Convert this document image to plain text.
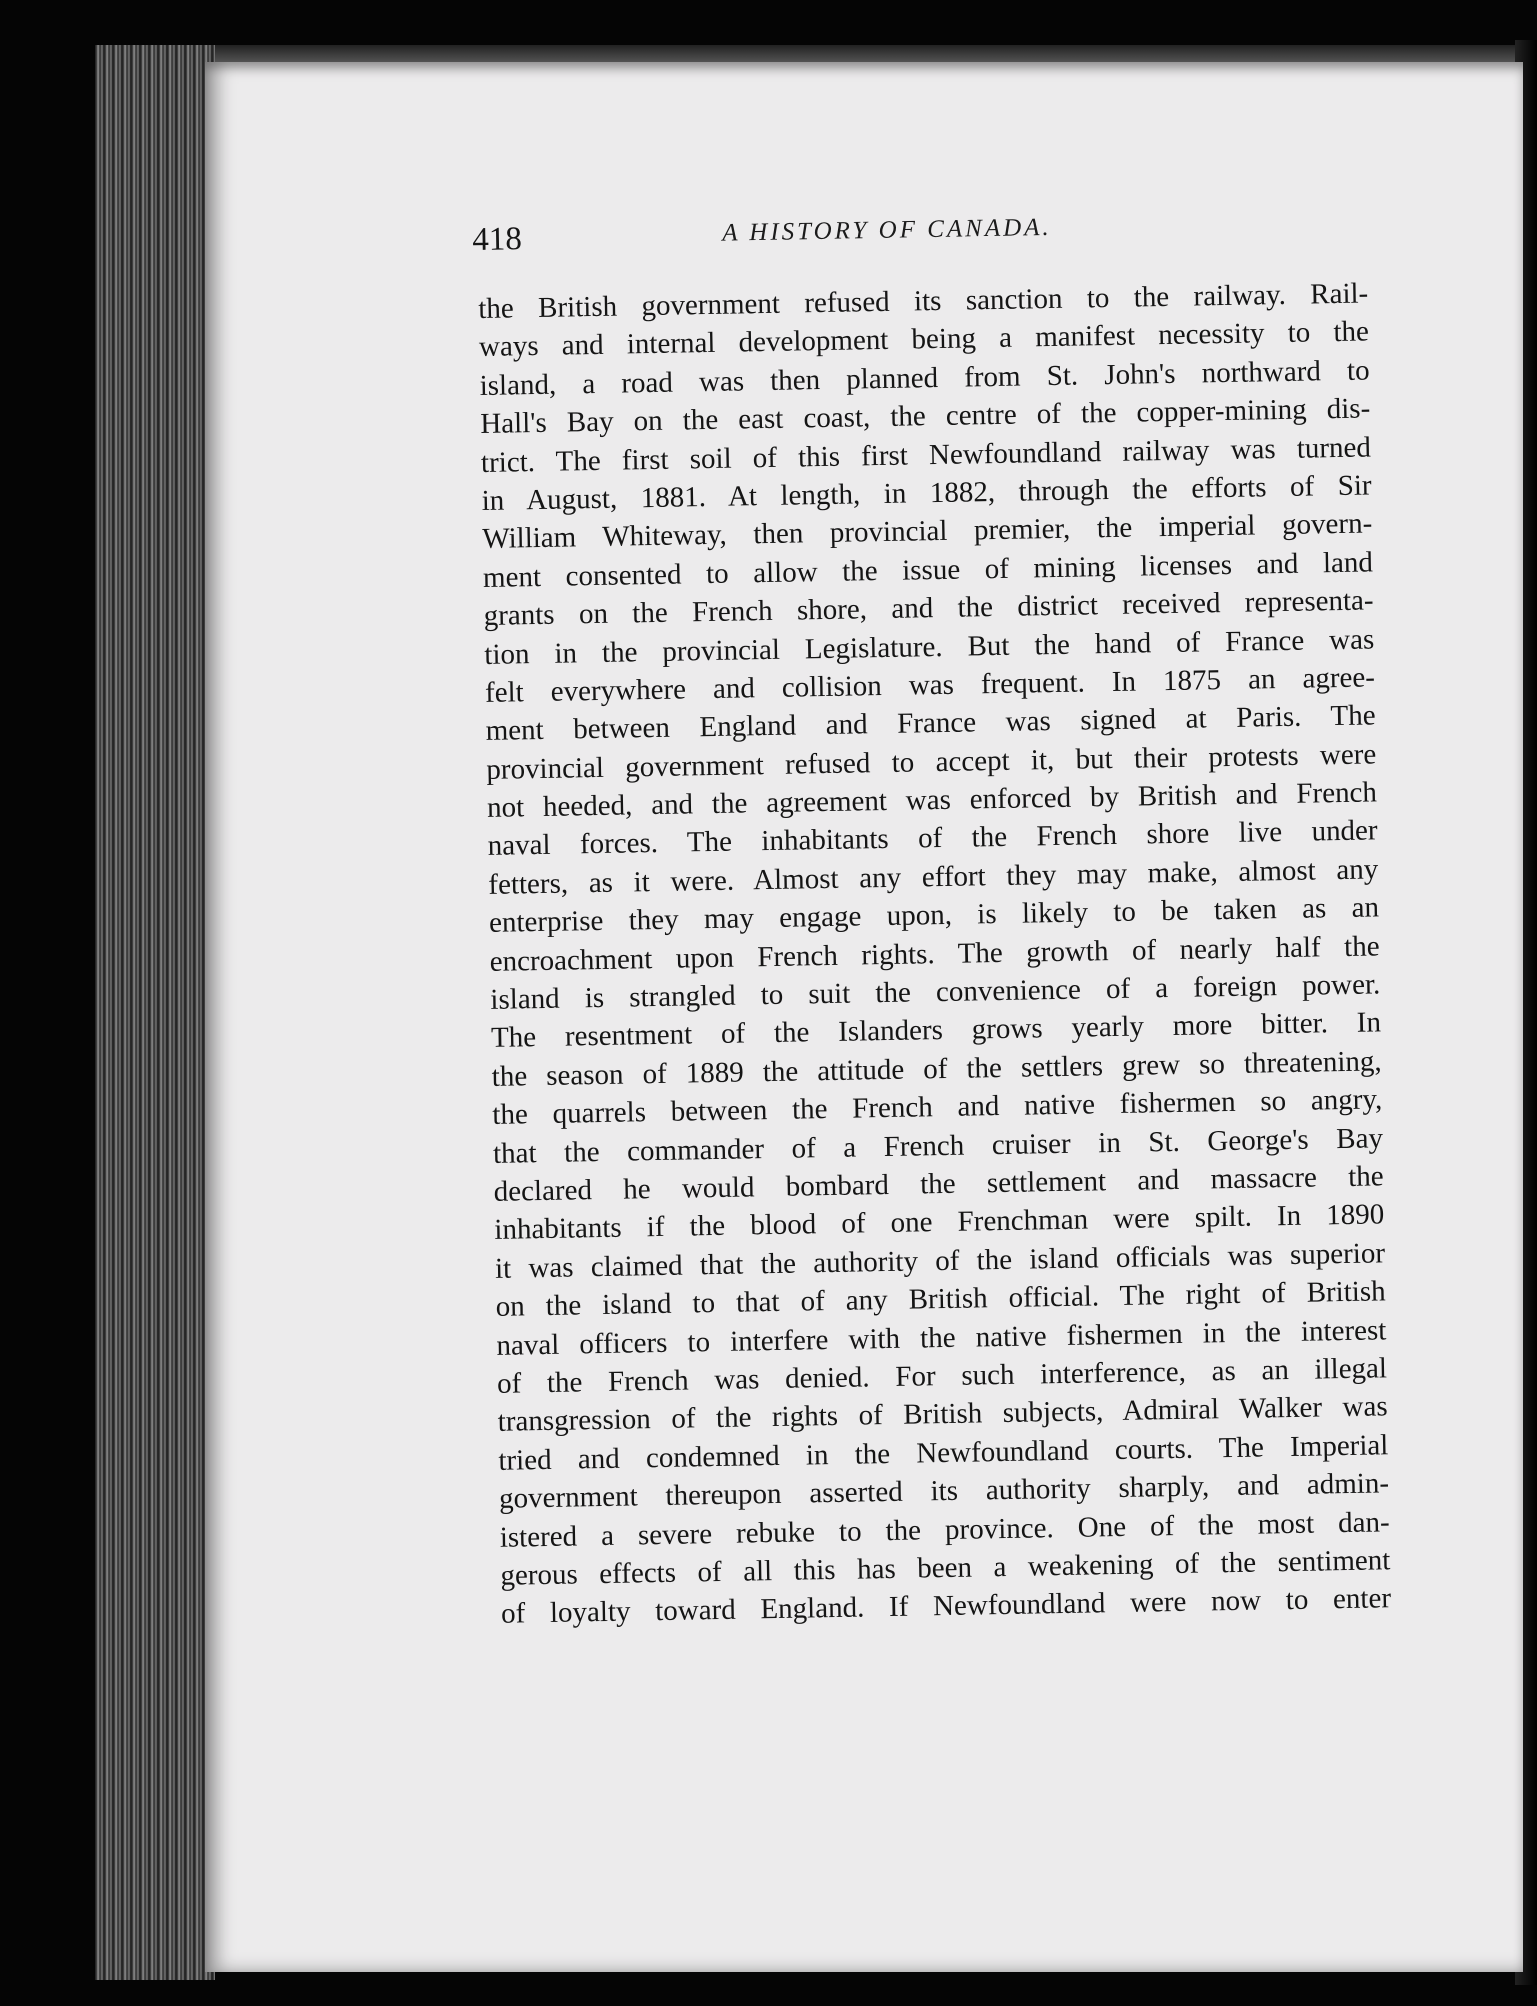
418	A HISTORY OF CANADA.
the British government refused its sanction to the railway. Rail-
ways and internal development being a manifest necessity to the
island, a road was then planned from St. John's northward to
Hall's Bay on the east coast, the centre of the copper-mining dis-
trict. The first soil of this first Newfoundland railway was turned
in August, 1881. At length, in 1882, through the efforts of Sir
William Whiteway, then provincial premier, the imperial govern-
ment consented to allow the issue of mining licenses and land
grants on the French shore, and the district received representa-
tion in the provincial Legislature. But the hand of France was
felt everywhere and collision was frequent. In 1875 an agree-
ment between England and France was signed at Paris. The
provincial government refused to accept it, but their protests were
not heeded, and the agreement was enforced by British and French
naval forces. The inhabitants of the French shore live under
fetters, as it were. Almost any effort they may make, almost any
enterprise they may engage upon, is likely to be taken as an
encroachment upon French rights. The growth of nearly half the
island is strangled to suit the convenience of a foreign power.
The resentment of the Islanders grows yearly more bitter. In
the season of 1889 the attitude of the settlers grew so threatening,
the quarrels between the French and native fishermen so angry,
that the commander of a French cruiser in St. George's Bay
declared he would bombard the settlement and massacre the
inhabitants if the blood of one Frenchman were spilt. In 1890
it was claimed that the authority of the island officials was superior
on the island to that of any British official. The right of British
naval officers to interfere with the native fishermen in the interest
of the French was denied. For such interference, as an illegal
transgression of the rights of British subjects, Admiral Walker was
tried and condemned in the Newfoundland courts. The Imperial
government thereupon asserted its authority sharply, and admin-
istered a severe rebuke to the province. One of the most dan-
gerous effects of all this has been a weakening of the sentiment
of loyalty toward England. If Newfoundland were now to enter
